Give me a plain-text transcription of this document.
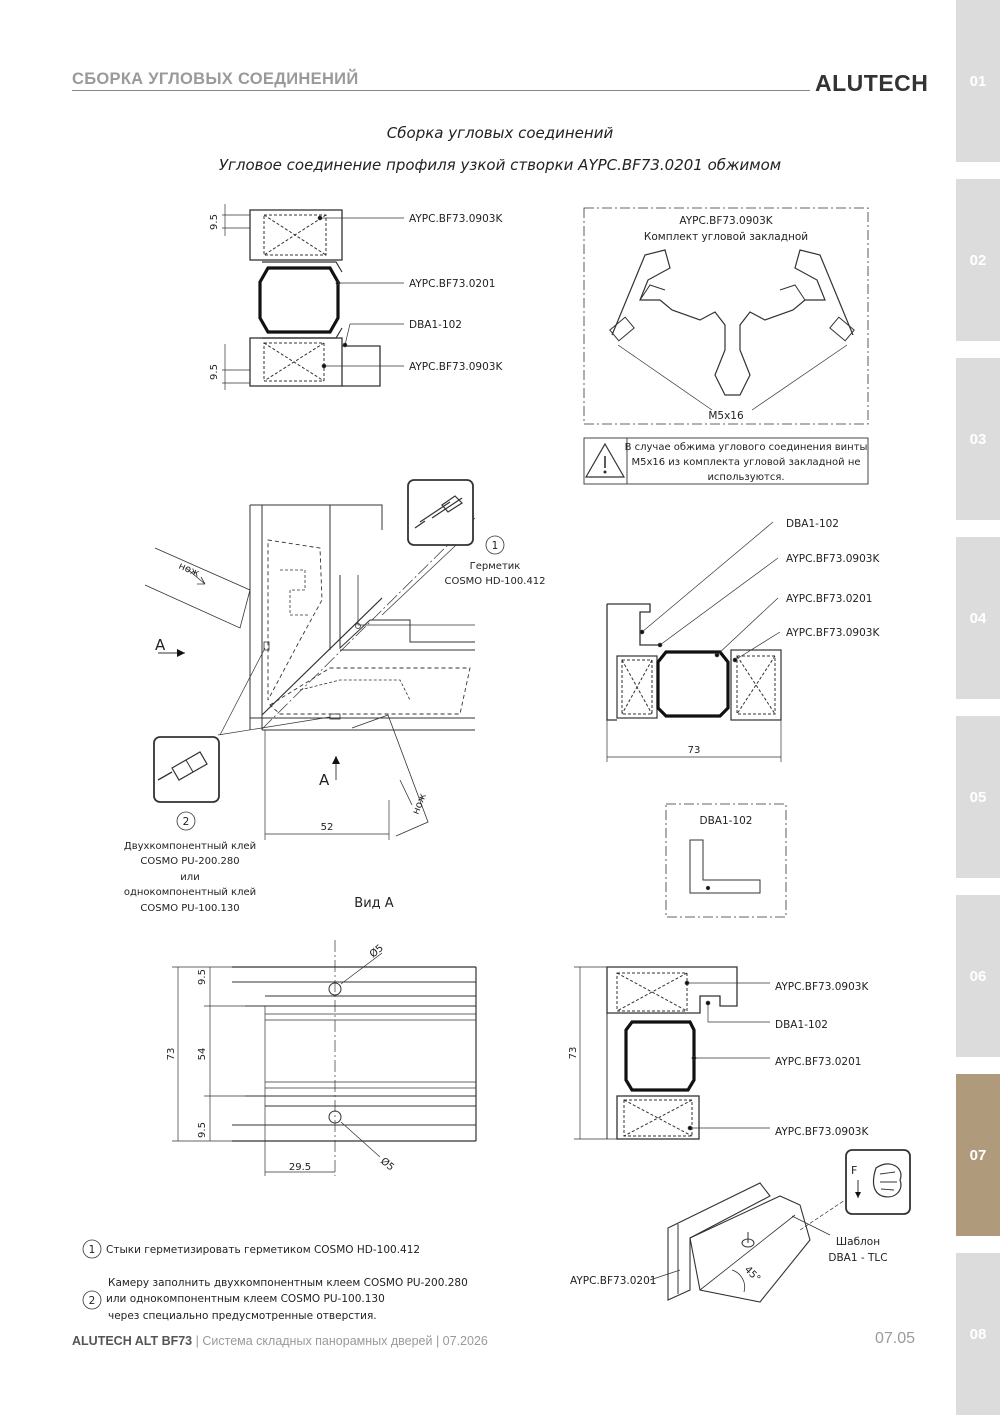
СБОРКА УГЛОВЫХ СОЕДИНЕНИЙ	ALUTECH	01
02
03
04
05
06
07
08
Сборка угловых соединений
Угловое соединение профиля узкой створки AYPC.BF73.0201 обжимом
9.5
9.5
AYPC.BF73.0903K
AYPC.BF73.0201
DBA1-102
AYPC.BF73.0903K
AYPC.BF73.0903K
Комплект угловой закладной
M5x16
В случае обжима углового соединения винты
M5x16 из комплекта угловой закладной не
используются.
1
2
Герметик
COSMO HD-100.412
Двухкомпонентный клей
COSMO PU-200.280
или
однокомпонентный клей
COSMO PU-100.130
нож
нож
A
A
52
DBA1-102
AYPC.BF73.0903K
AYPC.BF73.0201
AYPC.BF73.0903K
73
DBA1-102
Вид А
9.5
73 54
9.5
29.5
Ø5
Ø5
AYPC.BF73.0903K
DBA1-102
AYPC.BF73.0201
AYPC.BF73.0903K
73
F
Шаблон
DBA1 - TLC
AYPC.BF73.0201	45°
1
2
Стыки герметизировать герметиком COSMO HD-100.412
Камеру заполнить двухкомпонентным клеем COSMO PU-200.280
или однокомпонентным клеем COSMO PU-100.130
через специально предусмотренные отверстия.
ALUTECH ALT BF73 | Система складных панорамных дверей | 07.2026	07.05
